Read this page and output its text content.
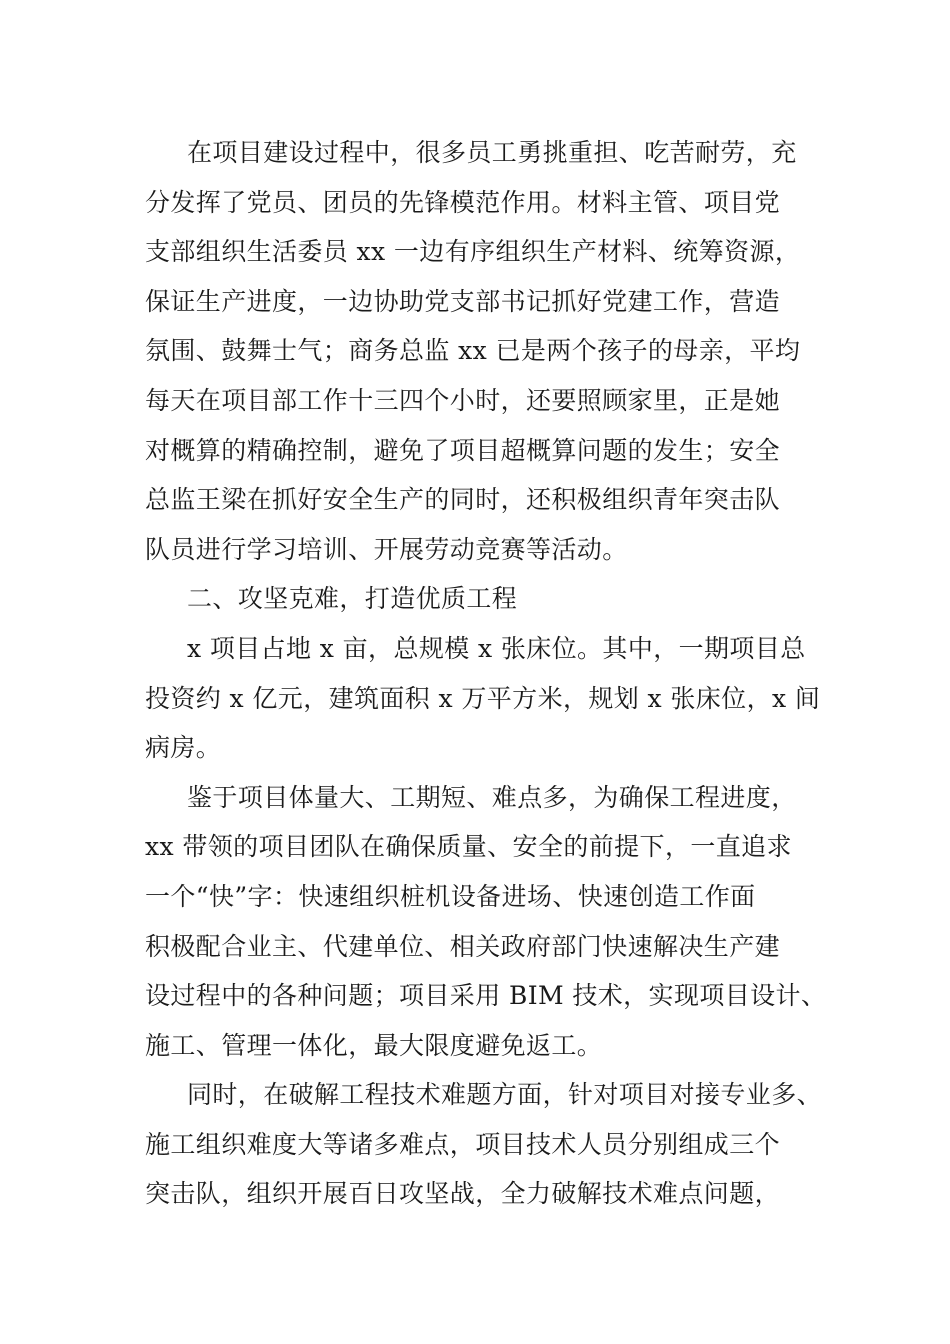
在项目建设过程中，很多员工勇挑重担、吃苦耐劳，充
分发挥了党员、团员的先锋模范作用。材料主管、项目党
支部组织生活委员 xx 一边有序组织生产材料、统筹资源，
保证生产进度，一边协助党支部书记抓好党建工作，营造
氛围、鼓舞士气；商务总监 xx 已是两个孩子的母亲，平均
每天在项目部工作十三四个小时，还要照顾家里，正是她
对概算的精确控制，避免了项目超概算问题的发生；安全
总监王梁在抓好安全生产的同时，还积极组织青年突击队
队员进行学习培训、开展劳动竞赛等活动。
二、攻坚克难，打造优质工程
x 项目占地 x 亩，总规模 x 张床位。其中，一期项目总
投资约 x 亿元，建筑面积 x 万平方米，规划 x 张床位，x 间
病房。
鉴于项目体量大、工期短、难点多，为确保工程进度，
xx 带领的项目团队在确保质量、安全的前提下，一直追求
一个“快”字：快速组织桩机设备进场、快速创造工作面
积极配合业主、代建单位、相关政府部门快速解决生产建
设过程中的各种问题；项目采用 BIM 技术，实现项目设计、
施工、管理一体化，最大限度避免返工。
同时，在破解工程技术难题方面，针对项目对接专业多、
施工组织难度大等诸多难点，项目技术人员分别组成三个
突击队，组织开展百日攻坚战，全力破解技术难点问题，
